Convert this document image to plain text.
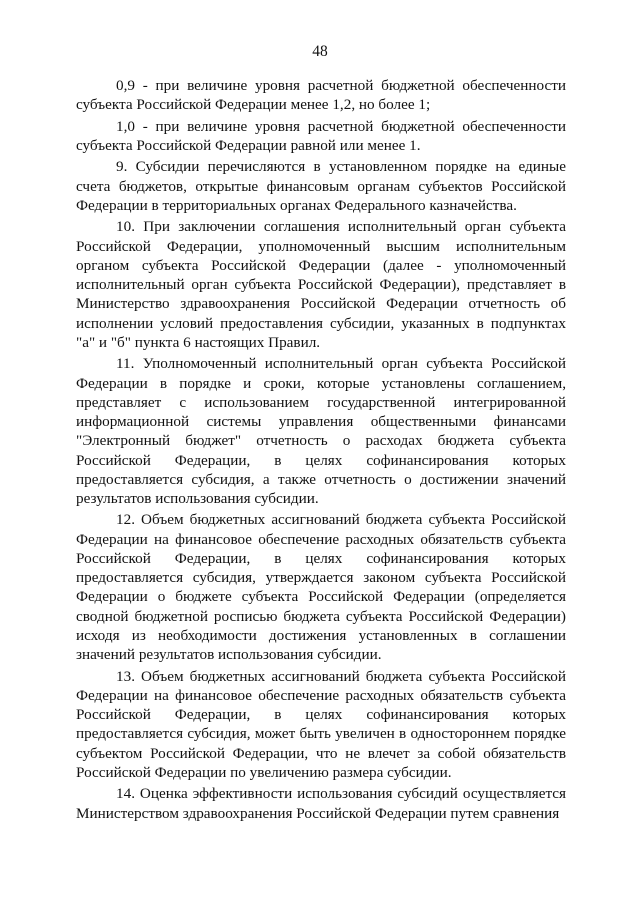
48

0,9 - при величине уровня расчетной бюджетной обеспеченности субъекта Российской Федерации менее 1,2, но более 1;

1,0 - при величине уровня расчетной бюджетной обеспеченности субъекта Российской Федерации равной или менее 1.

9. Субсидии перечисляются в установленном порядке на единые счета бюджетов, открытые финансовым органам субъектов Российской Федерации в территориальных органах Федерального казначейства.

10. При заключении соглашения исполнительный орган субъекта Российской Федерации, уполномоченный высшим исполнительным органом субъекта Российской Федерации (далее - уполномоченный исполнительный орган субъекта Российской Федерации), представляет в Министерство здравоохранения Российской Федерации отчетность об исполнении условий предоставления субсидии, указанных в подпунктах "а" и "б" пункта 6 настоящих Правил.

11. Уполномоченный исполнительный орган субъекта Российской Федерации в порядке и сроки, которые установлены соглашением, представляет с использованием государственной интегрированной информационной системы управления общественными финансами "Электронный бюджет" отчетность о расходах бюджета субъекта Российской Федерации, в целях софинансирования которых предоставляется субсидия, а также отчетность о достижении значений результатов использования субсидии.

12. Объем бюджетных ассигнований бюджета субъекта Российской Федерации на финансовое обеспечение расходных обязательств субъекта Российской Федерации, в целях софинансирования которых предоставляется субсидия, утверждается законом субъекта Российской Федерации о бюджете субъекта Российской Федерации (определяется сводной бюджетной росписью бюджета субъекта Российской Федерации) исходя из необходимости достижения установленных в соглашении значений результатов использования субсидии.

13. Объем бюджетных ассигнований бюджета субъекта Российской Федерации на финансовое обеспечение расходных обязательств субъекта Российской Федерации, в целях софинансирования которых предоставляется субсидия, может быть увеличен в одностороннем порядке субъектом Российской Федерации, что не влечет за собой обязательств Российской Федерации по увеличению размера субсидии.

14. Оценка эффективности использования субсидий осуществляется Министерством здравоохранения Российской Федерации путем сравнения
